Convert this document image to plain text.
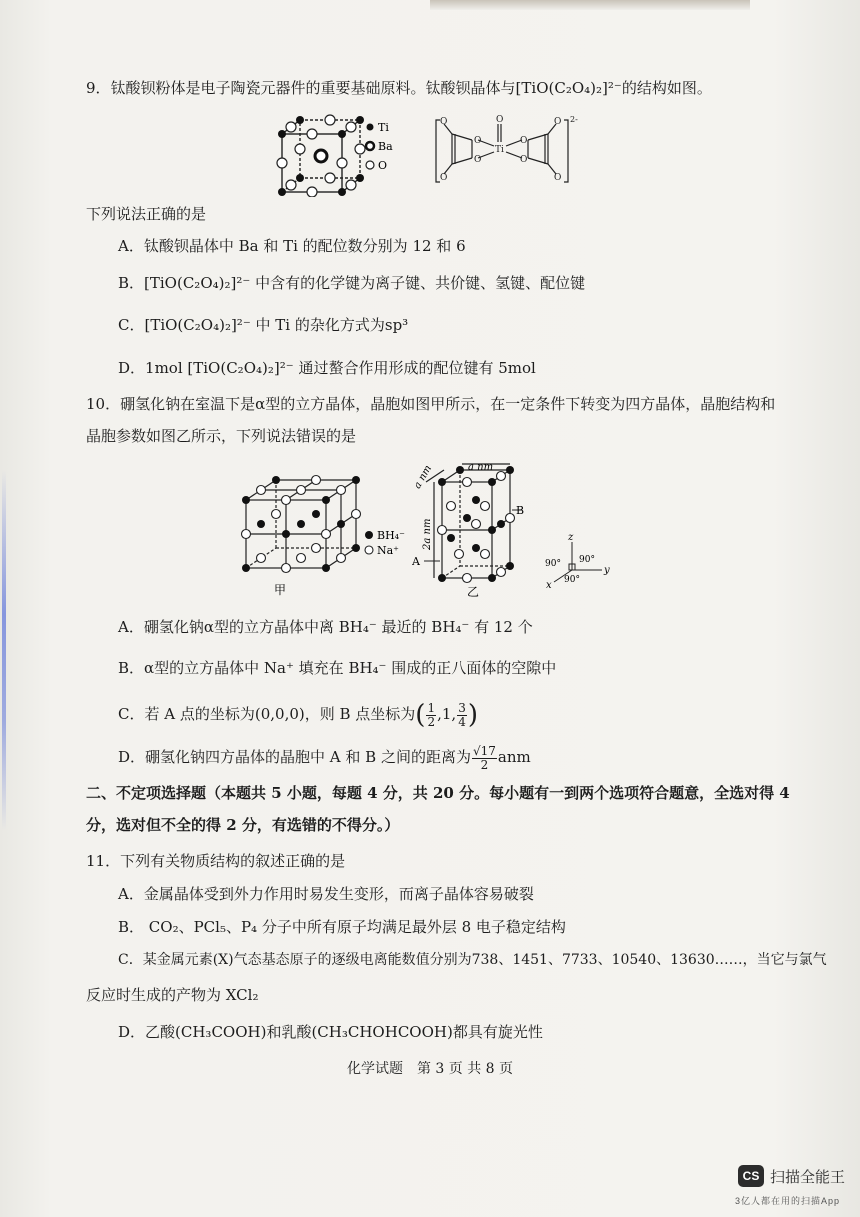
9．钛酸钡粉体是电子陶瓷元器件的重要基础原料。钛酸钡晶体与[TiO(C₂O₄)₂]²⁻的结构如图。
Ti
Ba
O
O
O
O
O
O
Ti
O
O
O
O
2-
下列说法正确的是
A．钛酸钡晶体中 Ba 和 Ti 的配位数分别为 12 和 6
B．[TiO(C₂O₄)₂]²⁻ 中含有的化学键为离子键、共价键、氢键、配位键
C．[TiO(C₂O₄)₂]²⁻ 中 Ti 的杂化方式为sp³
D．1mol [TiO(C₂O₄)₂]²⁻ 通过螯合作用形成的配位键有 5mol
10．硼氢化钠在室温下是α型的立方晶体，晶胞如图甲所示，在一定条件下转变为四方晶体，晶胞结构和
晶胞参数如图乙所示，下列说法错误的是
BH₄⁻
Na⁺
甲
a nm
a nm
2a nm
A
B
乙
z
y
x
90° 90°
90°
A．硼氢化钠α型的立方晶体中离 BH₄⁻ 最近的 BH₄⁻ 有 12 个
B．α型的立方晶体中 Na⁺ 填充在 BH₄⁻ 围成的正八面体的空隙中
C．若 A 点的坐标为(0,0,0)，则 B 点坐标为( $\frac{1}{2} ,1$, $\frac{3}{4}$ )
D．硼氢化钠四方晶体的晶胞中 A 和 B 之间的距离为 $\frac{√17}{2}$ anm
二、不定项选择题（本题共 5 小题，每题 4 分，共 20 分。每小题有一到两个选项符合题意，全选对得 4
分，选对但不全的得 2 分，有选错的不得分。）
11．下列有关物质结构的叙述正确的是
A．金属晶体受到外力作用时易发生变形，而离子晶体容易破裂
B． CO₂、PCl₅、P₄ 分子中所有原子均满足最外层 8 电子稳定结构
C．某金属元素(X)气态基态原子的逐级电离能数值分别为738、1451、7733、10540、13630……，当它与氯气
反应时生成的产物为 XCl₂
D．乙酸(CH₃COOH)和乳酸(CH₃CHOHCOOH)都具有旋光性
化学试题　第 3 页 共 8 页
CS 扫描全能王
3亿人都在用的扫描App
